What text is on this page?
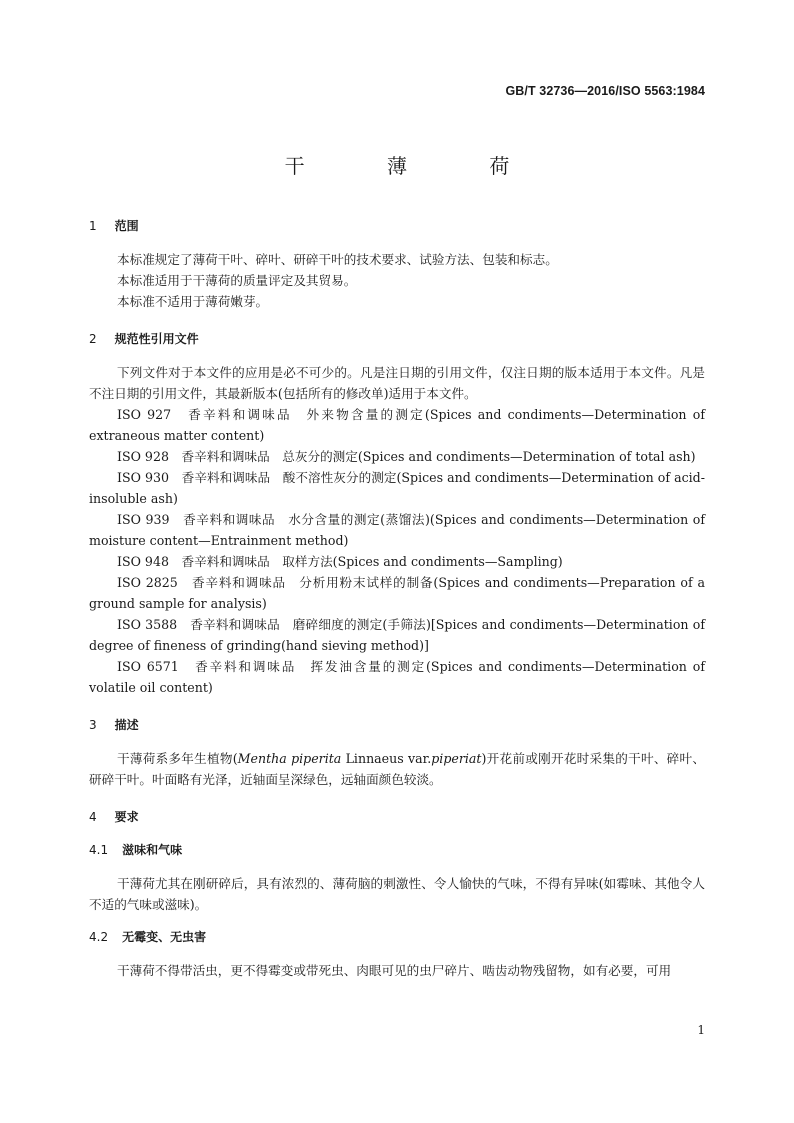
GB/T 32736—2016/ISO 5563:1984
干 薄 荷
1 范围

本标准规定了薄荷干叶、碎叶、研碎干叶的技术要求、试验方法、包装和标志。

本标准适用于干薄荷的质量评定及其贸易。

本标准不适用于薄荷嫩芽。

2 规范性引用文件

下列文件对于本文件的应用是必不可少的。凡是注日期的引用文件，仅注日期的版本适用于本文件。凡是不注日期的引用文件，其最新版本(包括所有的修改单)适用于本文件。

ISO 927　香辛料和调味品　外来物含量的测定(Spices and condiments—Determination of extraneous matter content)

ISO 928　香辛料和调味品　总灰分的测定(Spices and condiments—Determination of total ash)

ISO 930　香辛料和调味品　酸不溶性灰分的测定(Spices and condiments—Determination of acid-insoluble ash)

ISO 939　香辛料和调味品　水分含量的测定(蒸馏法)(Spices and condiments—Determination of moisture content—Entrainment method)

ISO 948　香辛料和调味品　取样方法(Spices and condiments—Sampling)

ISO 2825　香辛料和调味品　分析用粉末试样的制备(Spices and condiments—Preparation of a ground sample for analysis)

ISO 3588　香辛料和调味品　磨碎细度的测定(手筛法)[Spices and condiments—Determination of degree of fineness of grinding(hand sieving method)]

ISO 6571　香辛料和调味品　挥发油含量的测定(Spices and condiments—Determination of volatile oil content)

3 描述

干薄荷系多年生植物(Mentha piperita Linnaeus var.piperiat)开花前或刚开花时采集的干叶、碎叶、研碎干叶。叶面略有光泽，近轴面呈深绿色，远轴面颜色较淡。

4 要求
4.1 滋味和气味

干薄荷尤其在刚研碎后，具有浓烈的、薄荷脑的刺激性、令人愉快的气味，不得有异味(如霉味、其他令人不适的气味或滋味)。

4.2 无霉变、无虫害

干薄荷不得带活虫，更不得霉变或带死虫、肉眼可见的虫尸碎片、啮齿动物残留物，如有必要，可用

1
